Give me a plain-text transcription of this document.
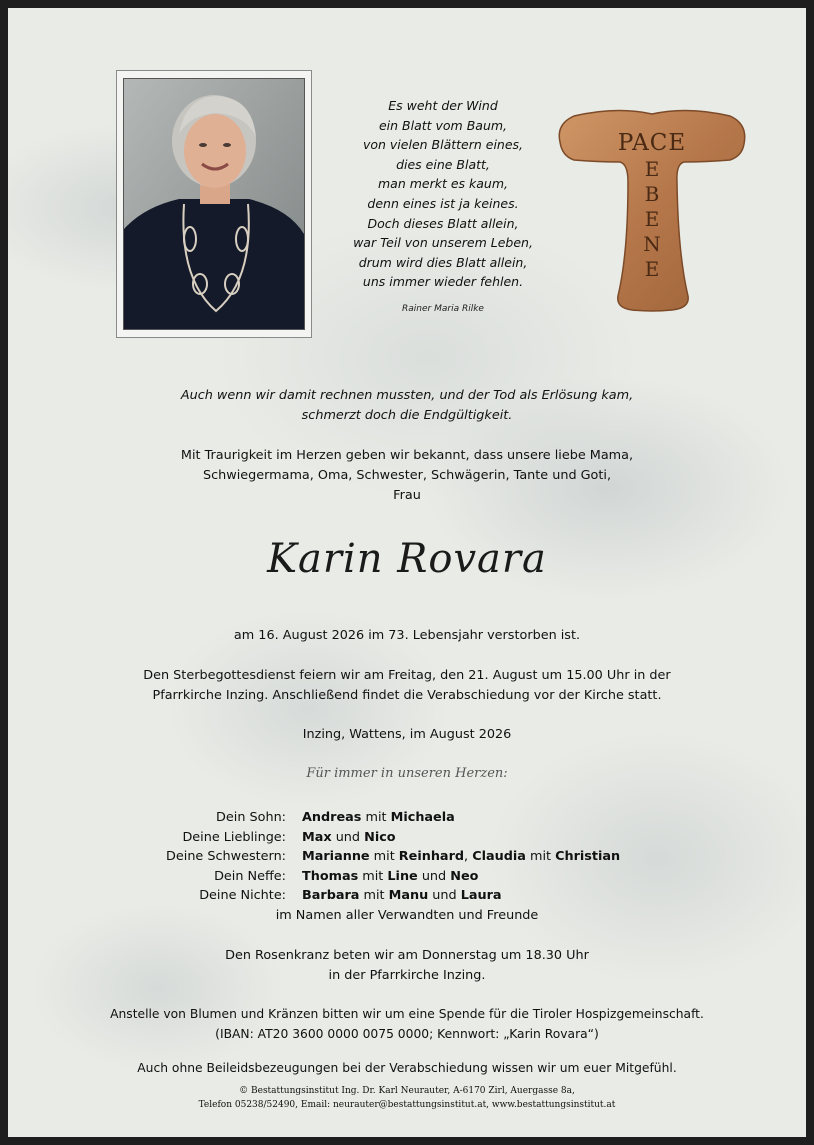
Es weht der Wind
ein Blatt vom Baum,
von vielen Blättern eines,
dies eine Blatt,
man merkt es kaum,
denn eines ist ja keines.
Doch dieses Blatt allein,
war Teil von unserem Leben,
drum wird dies Blatt allein,
uns immer wieder fehlen.
Rainer Maria Rilke
PACE
E
B
E
N
E
Auch wenn wir damit rechnen mussten, und der Tod als Erlösung kam,
schmerzt doch die Endgültigkeit.
Mit Traurigkeit im Herzen geben wir bekannt, dass unsere liebe Mama,
Schwiegermama, Oma, Schwester, Schwägerin, Tante und Goti,
Frau
Karin Rovara
am 16. August 2026 im 73. Lebensjahr verstorben ist.
Den Sterbegottesdienst feiern wir am Freitag, den 21. August um 15.00 Uhr in der
Pfarrkirche Inzing. Anschließend findet die Verabschiedung vor der Kirche statt.
Inzing, Wattens, im August 2026
Für immer in unseren Herzen:
Dein Sohn: Andreas mit Michaela
Deine Lieblinge: Max und Nico
Deine Schwestern: Marianne mit Reinhard, Claudia mit Christian
Dein Neffe: Thomas mit Line und Neo
Deine Nichte: Barbara mit Manu und Laura
im Namen aller Verwandten und Freunde
Den Rosenkranz beten wir am Donnerstag um 18.30 Uhr
in der Pfarrkirche Inzing.
Anstelle von Blumen und Kränzen bitten wir um eine Spende für die Tiroler Hospizgemeinschaft.
(IBAN: AT20 3600 0000 0075 0000; Kennwort: „Karin Rovara“)
Auch ohne Beileidsbezeugungen bei der Verabschiedung wissen wir um euer Mitgefühl.
© Bestattungsinstitut Ing. Dr. Karl Neurauter, A-6170 Zirl, Auergasse 8a,
Telefon 05238/52490, Email: neurauter@bestattungsinstitut.at, www.bestattungsinstitut.at
